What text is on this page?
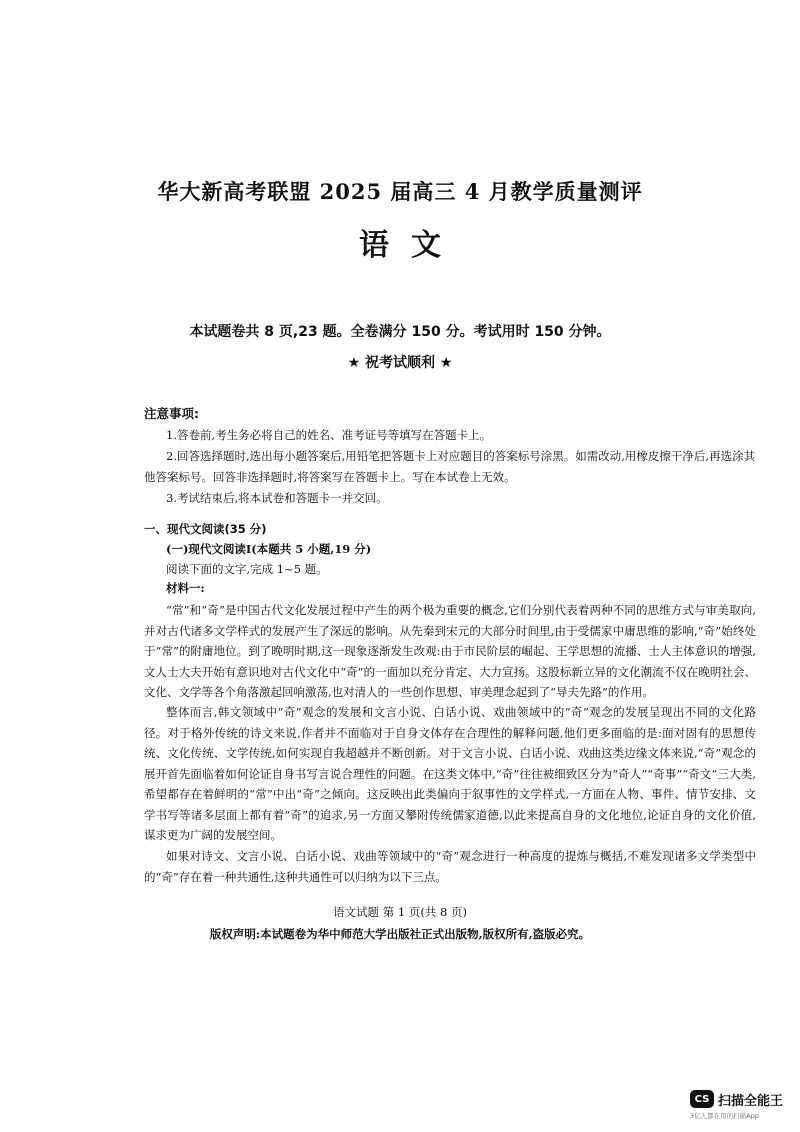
华大新高考联盟 2025 届高三 4 月教学质量测评
语文
本试题卷共 8 页,23 题。全卷满分 150 分。考试用时 150 分钟。
★ 祝考试顺利 ★
注意事项:
1.答卷前,考生务必将自己的姓名、准考证号等填写在答题卡上。
2.回答选择题时,选出每小题答案后,用铅笔把答题卡上对应题目的答案标号涂黑。如需改动,用橡皮擦干净后,再选涂其他答案标号。回答非选择题时,将答案写在答题卡上。写在本试卷上无效。
3.考试结束后,将本试卷和答题卡一并交回。
一、现代文阅读(35 分)
(一)现代文阅读Ⅰ(本题共 5 小题,19 分)
阅读下面的文字,完成 1~5 题。
材料一:
“常”和“奇”是中国古代文化发展过程中产生的两个极为重要的概念,它们分别代表着两种不同的思维方式与审美取向,并对古代诸多文学样式的发展产生了深远的影响。从先秦到宋元的大部分时间里,由于受儒家中庸思维的影响,“奇”始终处于“常”的附庸地位。到了晚明时期,这一现象逐渐发生改观:由于市民阶层的崛起、王学思想的流播、士人主体意识的增强,文人士大夫开始有意识地对古代文化中“奇”的一面加以充分肯定、大力宣扬。这股标新立异的文化潮流不仅在晚明社会、文化、文学等各个角落激起回响激荡,也对清人的一些创作思想、审美理念起到了“导夫先路”的作用。
整体而言,韩文领域中“奇”观念的发展和文言小说、白话小说、戏曲领域中的“奇”观念的发展呈现出不同的文化路径。对于格外传统的诗文来说,作者并不面临对于自身文体存在合理性的解释问题,他们更多面临的是:面对固有的思想传统、文化传统、文学传统,如何实现自我超越并不断创新。对于文言小说、白话小说、戏曲这类边缘文体来说,“奇”观念的展开首先面临着如何论证自身书写言说合理性的问题。在这类文体中,“奇”往往被细致区分为“奇人”“奇事”“奇文”三大类,希望都存在着鲜明的“常”中出“奇”之倾向。这反映出此类偏向于叙事性的文学样式,一方面在人物、事件、情节安排、文学书写等诸多层面上都有着“奇”的追求,另一方面又攀附传统儒家道德,以此来提高自身的文化地位,论证自身的文化价值,谋求更为广阔的发展空间。
如果对诗文、文言小说、白话小说、戏曲等领域中的“奇”观念进行一种高度的提炼与概括,不难发现诸多文学类型中的“奇”存在着一种共通性,这种共通性可以归纳为以下三点。
语文试题 第 1 页(共 8 页)
版权声明:本试题卷为华中师范大学出版社正式出版物,版权所有,盗版必究。
CS 扫描全能王
3亿人都在用的扫描App
